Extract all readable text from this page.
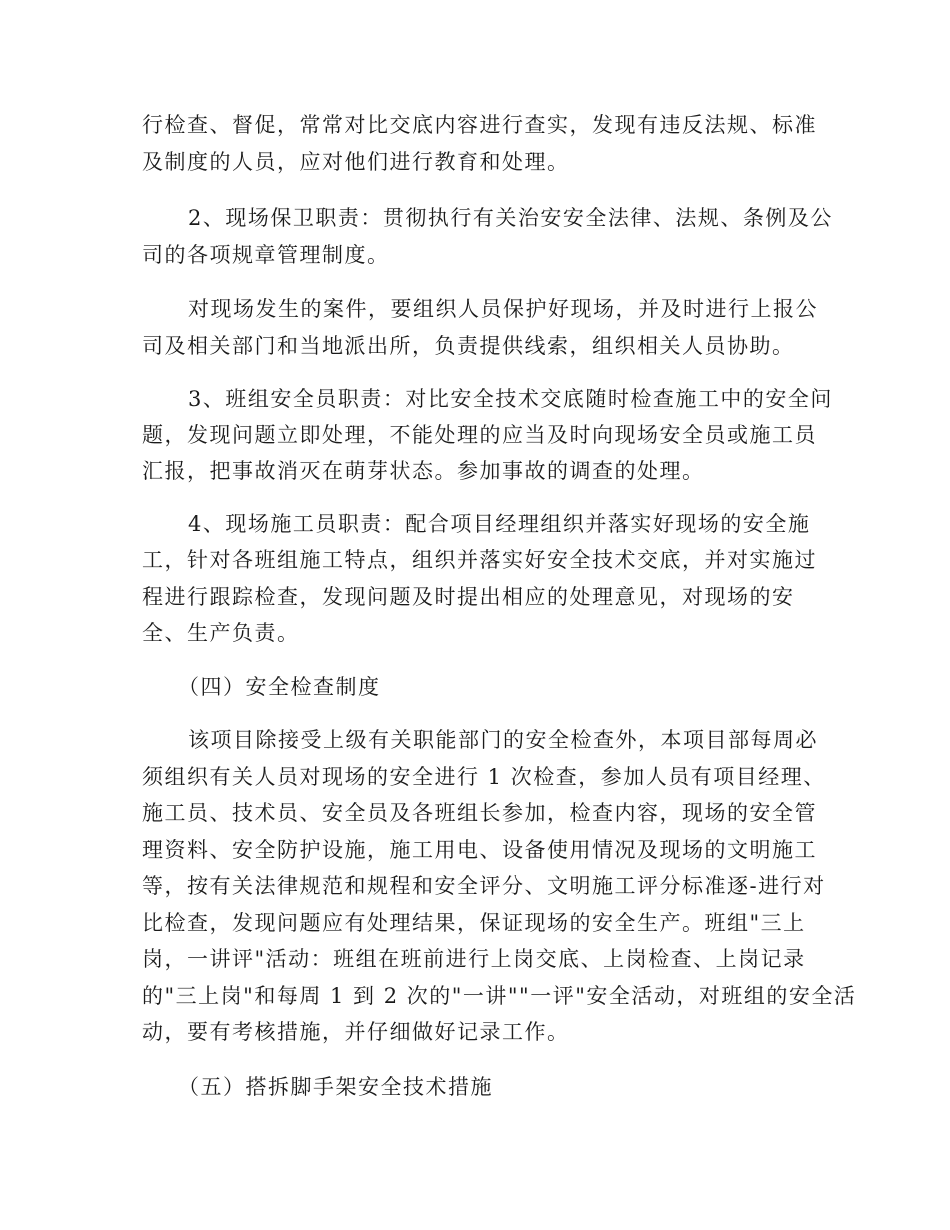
行检查、督促，常常对比交底内容进行查实，发现有违反法规、标准
及制度的人员，应对他们进行教育和处理。
2、现场保卫职责：贯彻执行有关治安安全法律、法规、条例及公
司的各项规章管理制度。
对现场发生的案件，要组织人员保护好现场，并及时进行上报公
司及相关部门和当地派出所，负责提供线索，组织相关人员协助。
3、班组安全员职责：对比安全技术交底随时检查施工中的安全问
题，发现问题立即处理，不能处理的应当及时向现场安全员或施工员
汇报，把事故消灭在萌芽状态。参加事故的调查的处理。
4、现场施工员职责：配合项目经理组织并落实好现场的安全施
工，针对各班组施工特点，组织并落实好安全技术交底，并对实施过
程进行跟踪检查，发现问题及时提出相应的处理意见，对现场的安
全、生产负责。
（四）安全检查制度
该项目除接受上级有关职能部门的安全检查外，本项目部每周必
须组织有关人员对现场的安全进行 1 次检查，参加人员有项目经理、
施工员、技术员、安全员及各班组长参加，检查内容，现场的安全管
理资料、安全防护设施，施工用电、设备使用情况及现场的文明施工
等，按有关法律规范和规程和安全评分、文明施工评分标准逐-进行对
比检查，发现问题应有处理结果，保证现场的安全生产。班组"三上
岗，一讲评"活动：班组在班前进行上岗交底、上岗检查、上岗记录
的"三上岗"和每周 1 到 2 次的"一讲""一评"安全活动，对班组的安全活
动，要有考核措施，并仔细做好记录工作。
（五）搭拆脚手架安全技术措施
